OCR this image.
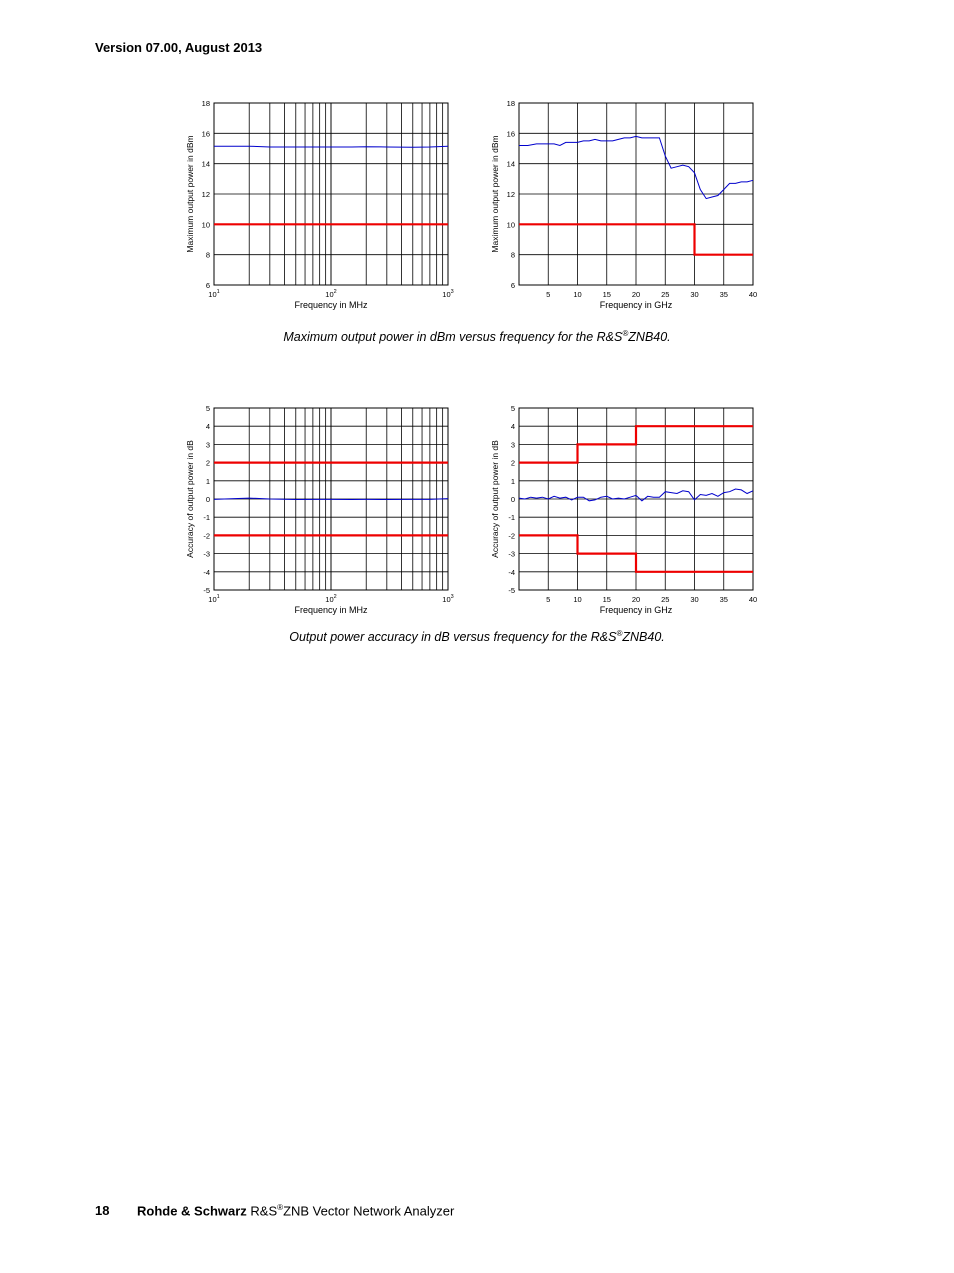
Version 07.00, August 2013
6
8
10
12
14
16
18
$10^1$	$10^2$	$10^3$
Frequency in MHz
Maximum output power in dBm
6
8
10
12
14
16
18
5	10	15	20	25	30	35	40
Frequency in GHz
Maximum output power in dBm
Maximum output power in dBm versus frequency for the R&S®ZNB40.
-5
-4
-3
-2
-1
0
1
2
3
4
5
$10^1$	$10^2$	$10^3$
Frequency in MHz
Accuracy of output power in dB
-5
-4
-3
-2
-1
0
1
2
3
4
5
5	10	15	20	25	30	35	40
Frequency in GHz
Accuracy of output power in dB
Output power accuracy in dB versus frequency for the R&S®ZNB40.
18 Rohde & Schwarz R&S®ZNB Vector Network Analyzer
